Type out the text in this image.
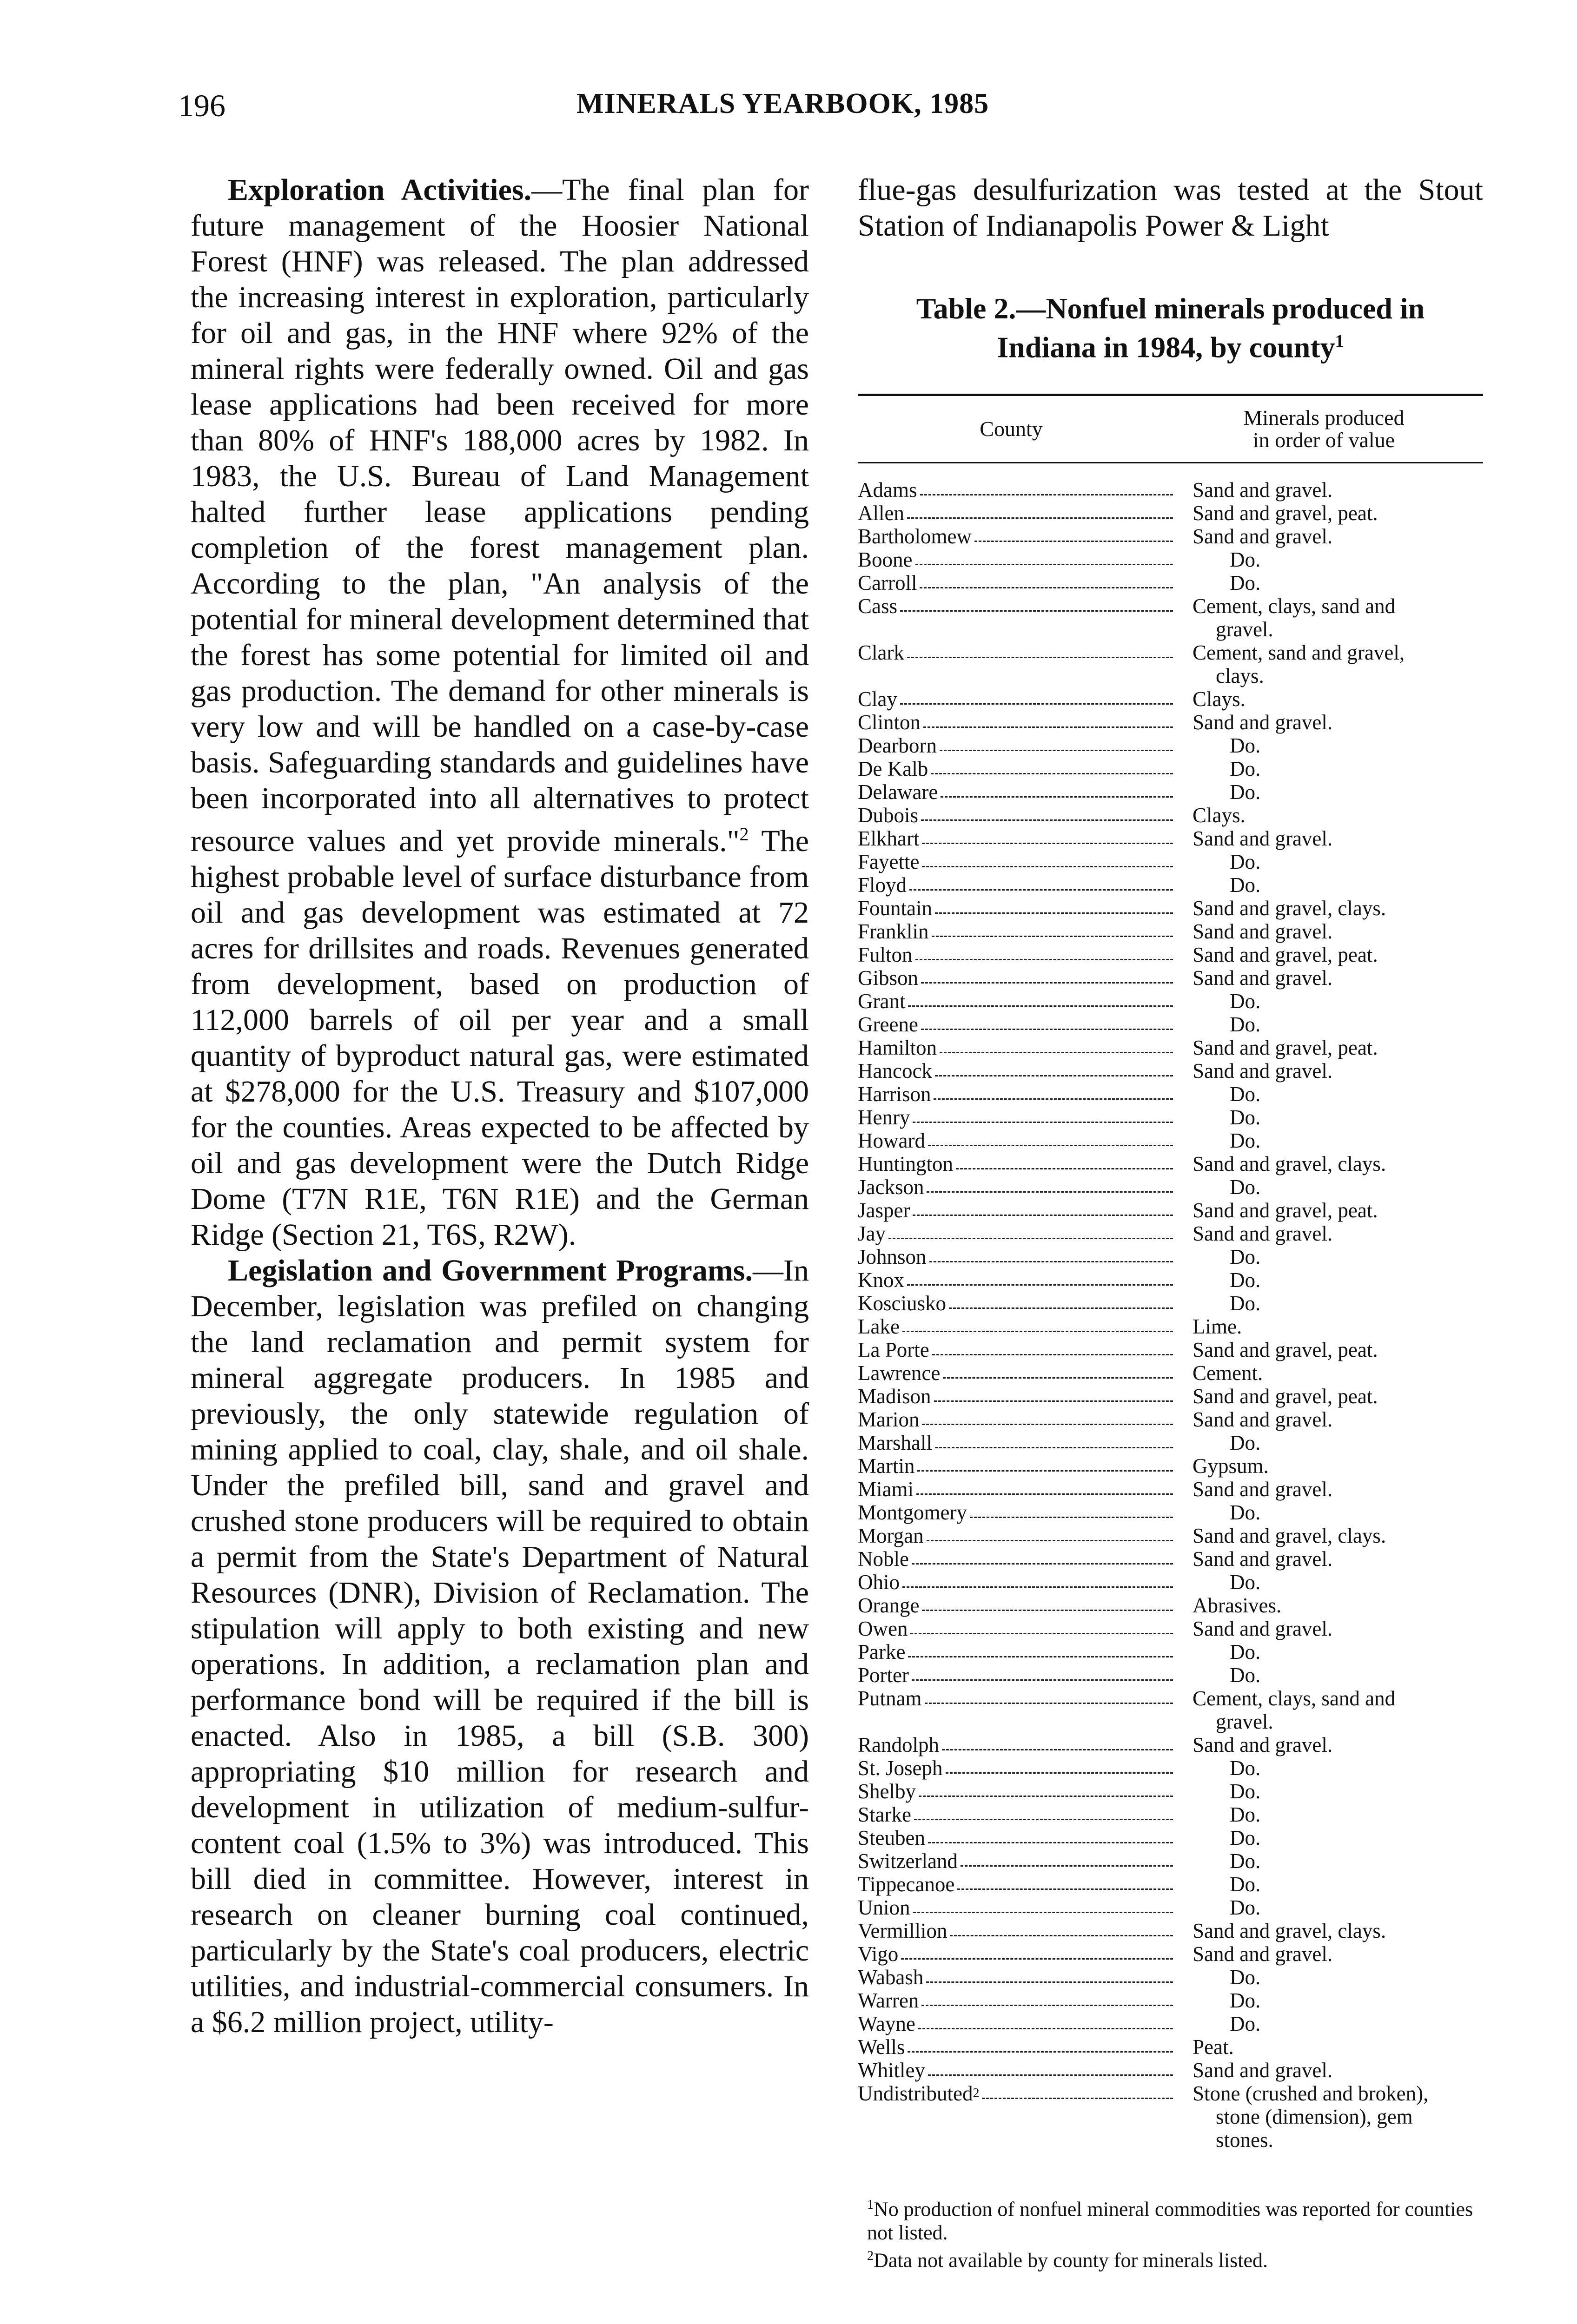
196	MINERALS YEARBOOK, 1985

Exploration Activities.—The final plan for future management of the Hoosier National Forest (HNF) was released. The plan addressed the increasing interest in exploration, particularly for oil and gas, in the HNF where 92% of the mineral rights were federally owned. Oil and gas lease applications had been received for more than 80% of HNF's 188,000 acres by 1982. In 1983, the U.S. Bureau of Land Management halted further lease applications pending completion of the forest management plan. According to the plan, "An analysis of the potential for mineral development determined that the forest has some potential for limited oil and gas production. The demand for other minerals is very low and will be handled on a case-by-case basis. Safeguarding standards and guidelines have been incorporated into all alternatives to protect resource values and yet provide minerals."$^2$ The highest probable level of surface disturbance from oil and gas development was estimated at 72 acres for drillsites and roads. Revenues generated from development, based on production of 112,000 barrels of oil per year and a small quantity of byproduct natural gas, were estimated at $278,000 for the U.S. Treasury and $107,000 for the counties. Areas expected to be affected by oil and gas development were the Dutch Ridge Dome (T7N R1E, T6N R1E) and the German Ridge (Section 21, T6S, R2W).

Legislation and Government Programs.—In December, legislation was prefiled on changing the land reclamation and permit system for mineral aggregate producers. In 1985 and previously, the only statewide regulation of mining applied to coal, clay, shale, and oil shale. Under the prefiled bill, sand and gravel and crushed stone producers will be required to obtain a permit from the State's Department of Natural Resources (DNR), Division of Reclamation. The stipulation will apply to both existing and new operations. In addition, a reclamation plan and performance bond will be required if the bill is enacted. Also in 1985, a bill (S.B. 300) appropriating $10 million for research and development in utilization of medium-sulfur-content coal (1.5% to 3%) was introduced. This bill died in committee. However, interest in research on cleaner burning coal continued, particularly by the State's coal producers, electric utilities, and industrial-commercial consumers. In a $6.2 million project, utility-

flue-gas desulfurization was tested at the Stout Station of Indianapolis Power & Light

Table 2.—Nonfuel minerals produced in
Indiana in 1984, by county$^1$
County	Minerals produced
in order of value
Adams	Sand and gravel.
Allen	Sand and gravel, peat.
Bartholomew	Sand and gravel.
Boone	Do.
Carroll	Do.
Cass	Cement, clays, sand and
gravel.
Clark	Cement, sand and gravel,
clays.
Clay	Clays.
Clinton	Sand and gravel.
Dearborn	Do.
De Kalb	Do.
Delaware	Do.
Dubois	Clays.
Elkhart	Sand and gravel.
Fayette	Do.
Floyd	Do.
Fountain	Sand and gravel, clays.
Franklin	Sand and gravel.
Fulton	Sand and gravel, peat.
Gibson	Sand and gravel.
Grant	Do.
Greene	Do.
Hamilton	Sand and gravel, peat.
Hancock	Sand and gravel.
Harrison	Do.
Henry	Do.
Howard	Do.
Huntington	Sand and gravel, clays.
Jackson	Do.
Jasper	Sand and gravel, peat.
Jay	Sand and gravel.
Johnson	Do.
Knox	Do.
Kosciusko	Do.
Lake	Lime.
La Porte	Sand and gravel, peat.
Lawrence	Cement.
Madison	Sand and gravel, peat.
Marion	Sand and gravel.
Marshall	Do.
Martin	Gypsum.
Miami	Sand and gravel.
Montgomery	Do.
Morgan	Sand and gravel, clays.
Noble	Sand and gravel.
Ohio	Do.
Orange	Abrasives.
Owen	Sand and gravel.
Parke	Do.
Porter	Do.
Putnam	Cement, clays, sand and
gravel.
Randolph	Sand and gravel.
St. Joseph	Do.
Shelby	Do.
Starke	Do.
Steuben	Do.
Switzerland	Do.
Tippecanoe	Do.
Union	Do.
Vermillion	Sand and gravel, clays.
Vigo	Sand and gravel.
Wabash	Do.
Warren	Do.
Wayne	Do.
Wells	Peat.
Whitley	Sand and gravel.
Undistributed 2	Stone (crushed and broken),
stone (dimension), gem
stones.

$^1$No production of nonfuel mineral commodities was reported for counties not listed.

$^2$Data not available by county for minerals listed.
